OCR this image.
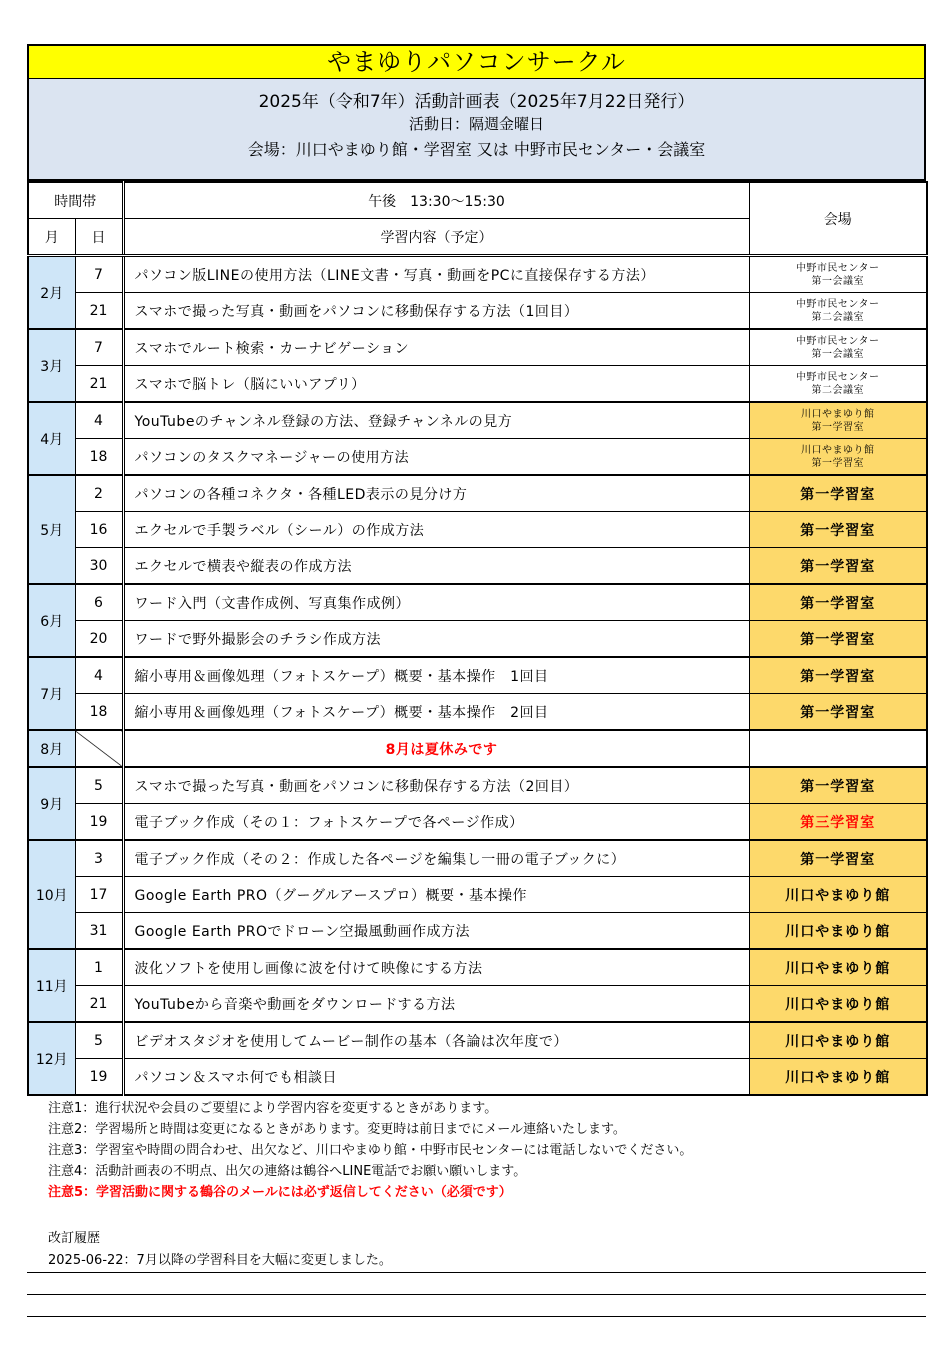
やまゆりパソコンサークル
2025年（令和7年）活動計画表（2025年7月22日発行）
活動日：隔週金曜日
会場：川口やまゆり館・学習室 又は 中野市民センター・会議室
時間帯		午後　13:30～15:30	会場
月	日	学習内容（予定）	
2月	7	パソコン版LINEの使用方法（LINE文書・写真・動画をPCに直接保存する方法）	中野市民センター
第一会議室

	21	スマホで撮った写真・動画をパソコンに移動保存する方法（1回目）	中野市民センター
第二会議室

3月	7	スマホでルート検索・カーナビゲーション	中野市民センター
第一会議室

	21	スマホで脳トレ（脳にいいアプリ）	中野市民センター
第二会議室

4月	4	YouTubeのチャンネル登録の方法、登録チャンネルの見方	川口やまゆり館
第一学習室

	18	パソコンのタスクマネージャーの使用方法	川口やまゆり館
第一学習室

5月	2	パソコンの各種コネクタ・各種LED表示の見分け方	第一学習室
	16	エクセルで手製ラベル（シール）の作成方法	第一学習室
	30	エクセルで横表や縦表の作成方法	第一学習室
6月	6	ワード入門（文書作成例、写真集作成例）	第一学習室
	20	ワードで野外撮影会のチラシ作成方法	第一学習室
7月	4	縮小専用＆画像処理（フォトスケープ）概要・基本操作　1回目	第一学習室
	18	縮小専用＆画像処理（フォトスケープ）概要・基本操作　2回目	第一学習室
8月		8月は夏休みです	
9月	5	スマホで撮った写真・動画をパソコンに移動保存する方法（2回目）	第一学習室
	19	電子ブック作成（その１：フォトスケープで各ページ作成）	第三学習室
10月	3	電子ブック作成（その２：作成した各ページを編集し一冊の電子ブックに）	第一学習室
	17	Google Earth PRO（グーグルアースプロ）概要・基本操作	川口やまゆり館
	31	Google Earth PROでドローン空撮風動画作成方法	川口やまゆり館
11月	1	波化ソフトを使用し画像に波を付けて映像にする方法	川口やまゆり館
	21	YouTubeから音楽や動画をダウンロードする方法	川口やまゆり館
12月	5	ビデオスタジオを使用してムービー制作の基本（各論は次年度で）	川口やまゆり館
	19	パソコン＆スマホ何でも相談日	川口やまゆり館
注意1：進行状況や会員のご要望により学習内容を変更するときがあります。
注意2：学習場所と時間は変更になるときがあります。変更時は前日までにメール連絡いたします。
注意3：学習室や時間の問合わせ、出欠など、川口やまゆり館・中野市民センターには電話しないでください。
注意4：活動計画表の不明点、出欠の連絡は鶴谷へLINE電話でお願い願いします。
注意5：学習活動に関する鶴谷のメールには必ず返信してください（必須です）
改訂履歴
2025-06-22：7月以降の学習科目を大幅に変更しました。
